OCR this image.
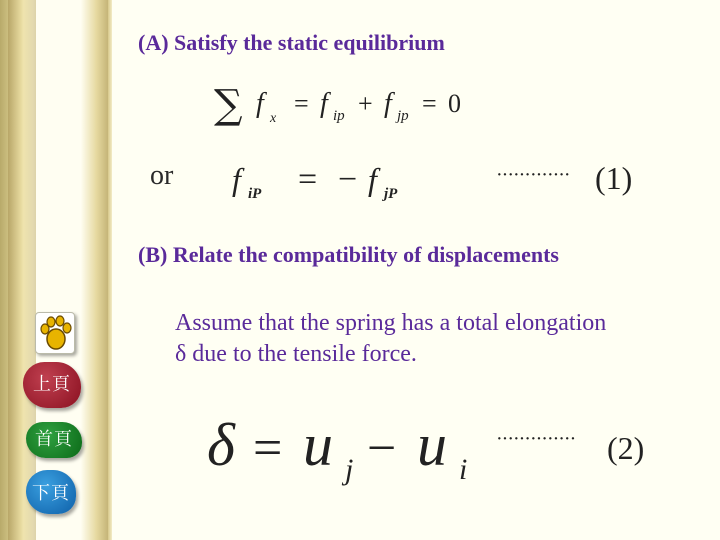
上頁
首頁
下頁
(A) Satisfy the static equilibrium
∑ f x
= f ip + f jp = 0
or f iP = − f jP
············· (1)
(B) Relate the compatibility of displacements
Assume that the spring has a total elongation
δ due to the tensile force.
δ = u j − u i
·············· (2)
